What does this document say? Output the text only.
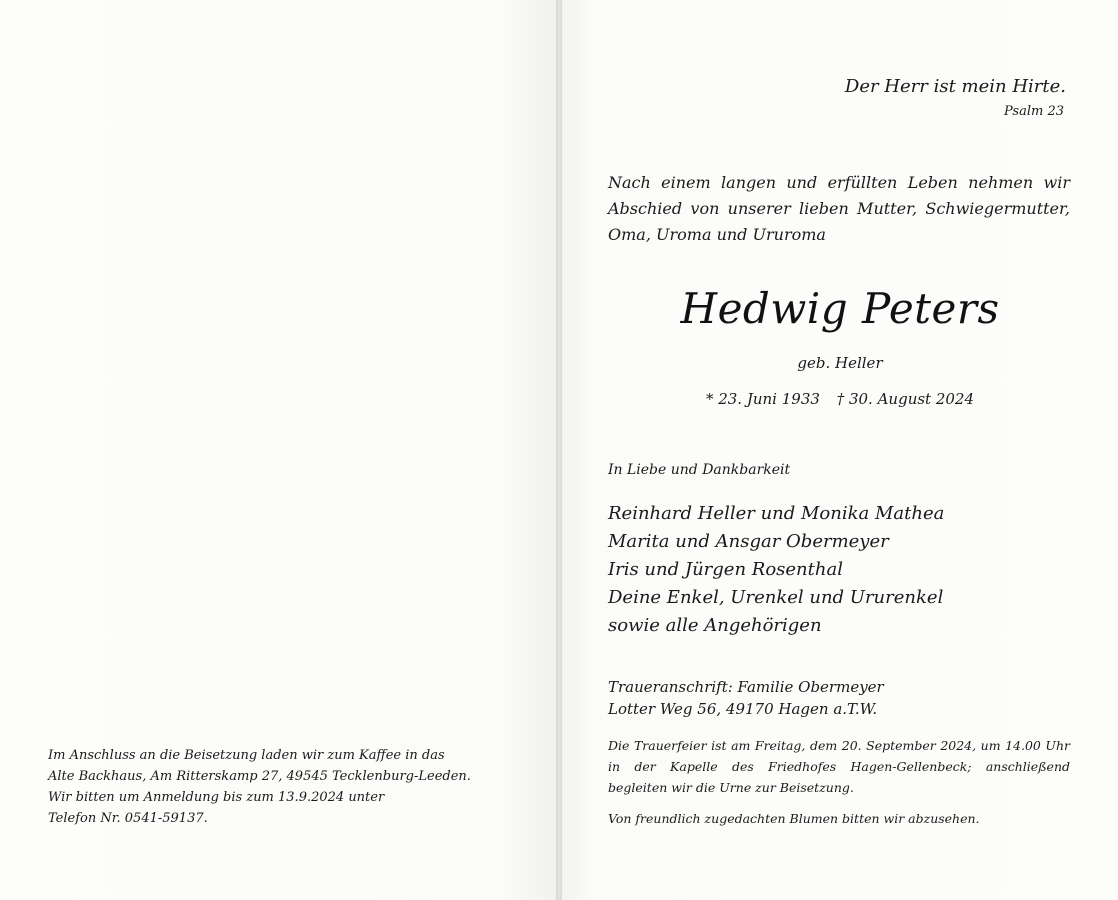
Im Anschluss an die Beisetzung laden wir zum Kaffee in das
Alte Backhaus, Am Ritterskamp 27, 49545 Tecklenburg-Leeden.
Wir bitten um Anmeldung bis zum 13.9.2024 unter
Telefon Nr. 0541-59137.

Der Herr ist mein Hirte.

Psalm 23

Nach einem langen und erfüllten Leben nehmen wir Abschied von unserer lieben Mutter, Schwiegermutter, Oma, Uroma und Ururoma

Hedwig Peters

geb. Heller

* 23. Juni 1933 † 30. August 2024

In Liebe und Dankbarkeit

Reinhard Heller und Monika Mathea
Marita und Ansgar Obermeyer
Iris und Jürgen Rosenthal
Deine Enkel, Urenkel und Ururenkel
sowie alle Angehörigen
Traueranschrift: Familie Obermeyer
Lotter Weg 56, 49170 Hagen a.T.W.

Die Trauerfeier ist am Freitag, dem 20. September 2024, um 14.00 Uhr in der Kapelle des Friedhofes Hagen-Gellenbeck; anschließend begleiten wir die Urne zur Beisetzung.

Von freundlich zugedachten Blumen bitten wir abzusehen.
